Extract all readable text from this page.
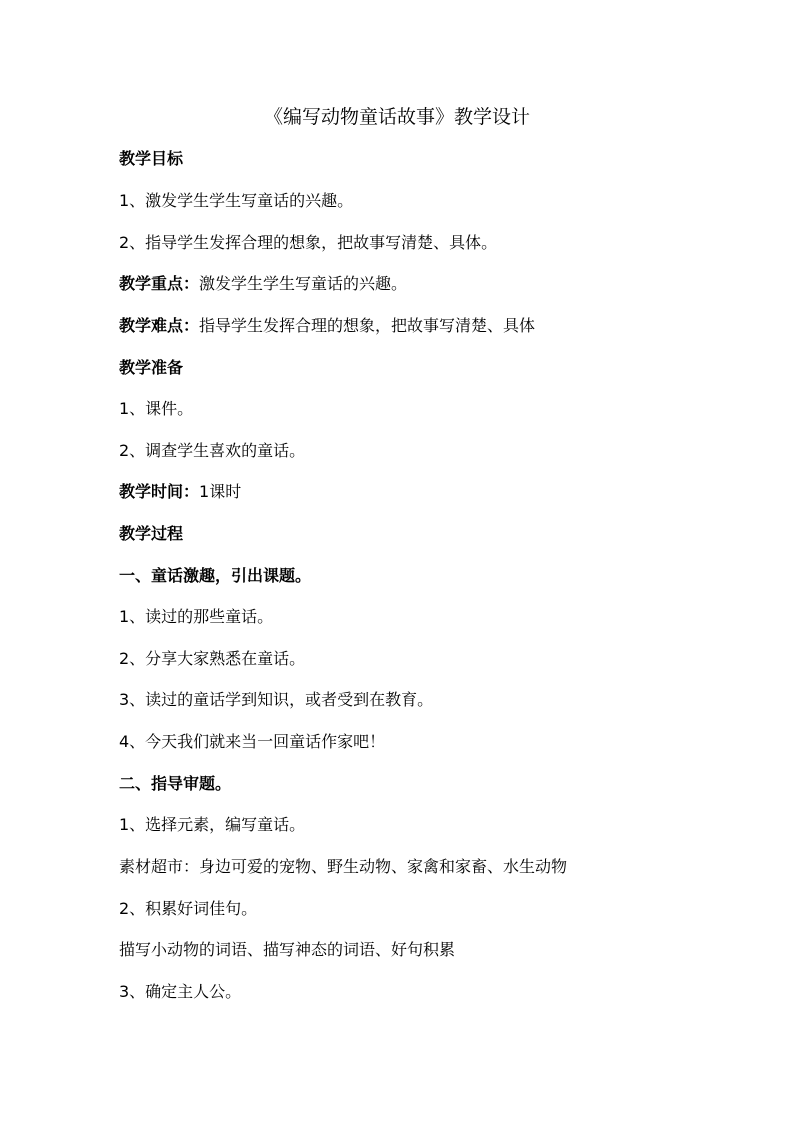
《编写动物童话故事》教学设计
教学目标
1、激发学生学生写童话的兴趣。
2、指导学生发挥合理的想象，把故事写清楚、具体。
教学重点：激发学生学生写童话的兴趣。
教学难点：指导学生发挥合理的想象，把故事写清楚、具体
教学准备
1、课件。
2、调查学生喜欢的童话。
教学时间：1课时
教学过程
一、童话激趣，引出课题。
1、读过的那些童话。
2、分享大家熟悉在童话。
3、读过的童话学到知识，或者受到在教育。
4、今天我们就来当一回童话作家吧！
二、指导审题。
1、选择元素，编写童话。
素材超市：身边可爱的宠物、野生动物、家禽和家畜、水生动物
2、积累好词佳句。
描写小动物的词语、描写神态的词语、好句积累
3、确定主人公。
